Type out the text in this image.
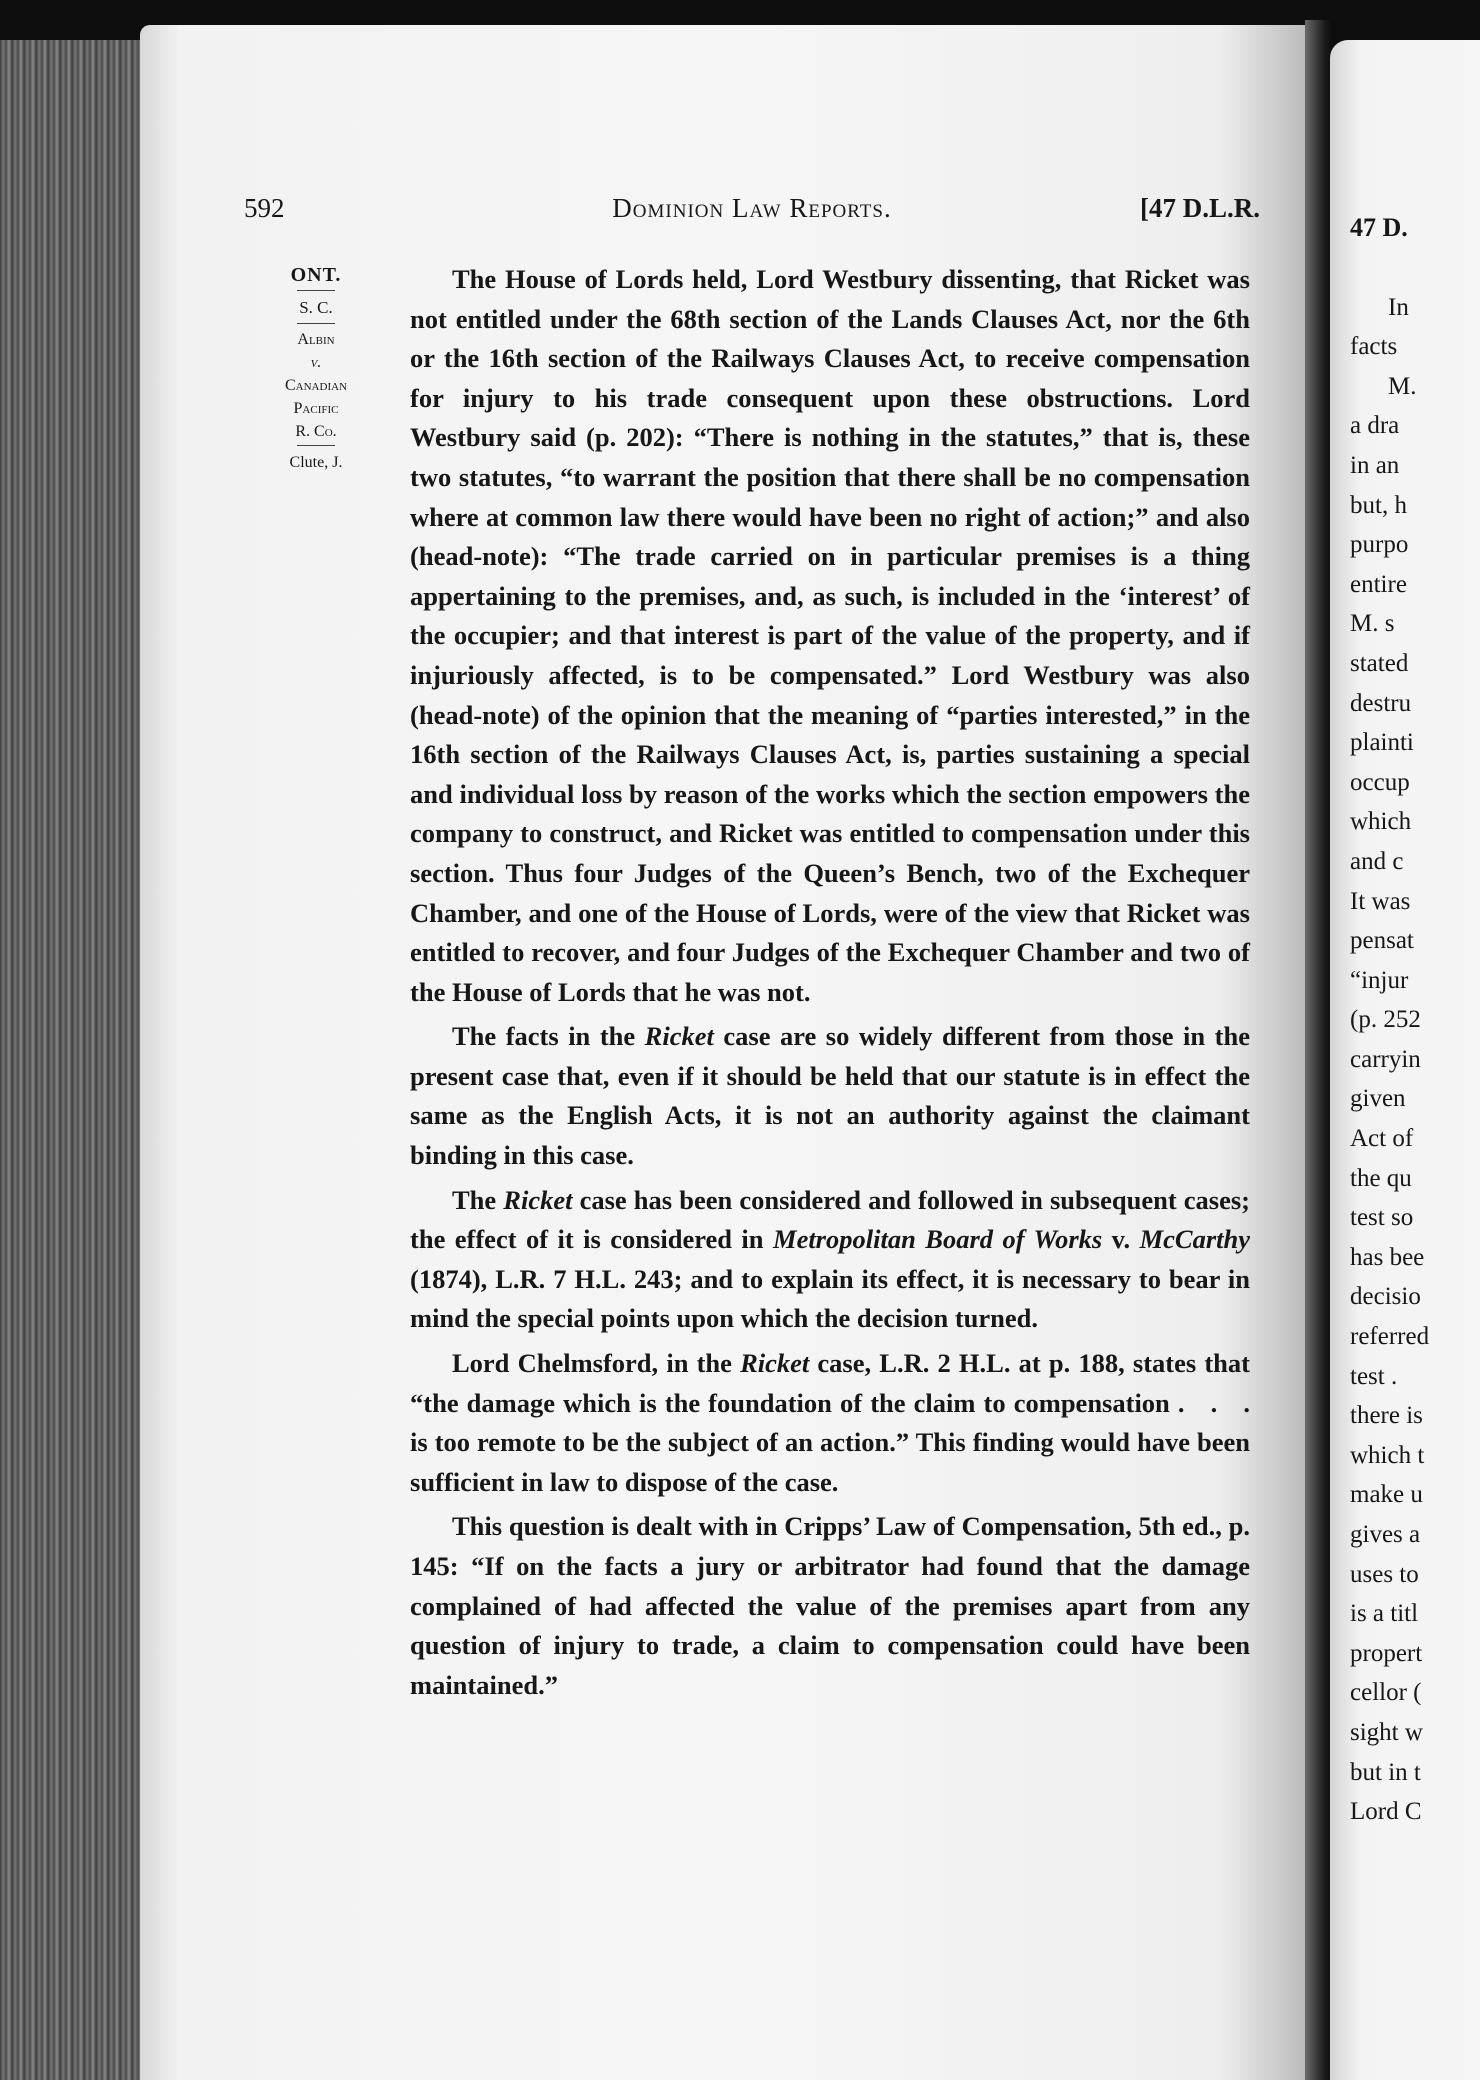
592	Dominion Law Reports.	[47 D.L.R.
ONT.
S. C.
Albin
v.
Canadian
Pacific
R. Co.
Clute, J.

The House of Lords held, Lord Westbury dissenting, that Ricket was not entitled under the 68th section of the Lands Clauses Act, nor the 6th or the 16th section of the Railways Clauses Act, to receive compensation for injury to his trade consequent upon these obstructions. Lord Westbury said (p. 202): “There is nothing in the statutes,” that is, these two statutes, “to warrant the position that there shall be no compensation where at common law there would have been no right of action;” and also (head-note): “The trade carried on in particular premises is a thing appertaining to the premises, and, as such, is included in the ‘interest’ of the occupier; and that interest is part of the value of the property, and if injuriously affected, is to be compensated.” Lord Westbury was also (head-note) of the opinion that the meaning of “parties interested,” in the 16th section of the Railways Clauses Act, is, parties sustaining a special and individual loss by reason of the works which the section empowers the company to construct, and Ricket was entitled to compensation under this section. Thus four Judges of the Queen’s Bench, two of the Exchequer Chamber, and one of the House of Lords, were of the view that Ricket was entitled to recover, and four Judges of the Exchequer Chamber and two of the House of Lords that he was not.

The facts in the Ricket case are so widely different from those in the present case that, even if it should be held that our statute is in effect the same as the English Acts, it is not an authority against the claimant binding in this case.

The Ricket case has been considered and followed in subsequent cases; the effect of it is considered in Metropolitan Board of Works v. McCarthy (1874), L.R. 7 H.L. 243; and to explain its effect, it is necessary to bear in mind the special points upon which the decision turned.

Lord Chelmsford, in the Ricket case, L.R. 2 H.L. at p. 188, states that “the damage which is the foundation of the claim to compensation . . . is too remote to be the subject of an action.” This finding would have been sufficient in law to dispose of the case.

This question is dealt with in Cripps’ Law of Compensation, 5th ed., p. 145: “If on the facts a jury or arbitrator had found that the damage complained of had affected the value of the premises apart from any question of injury to trade, a claim to compensation could have been maintained.”

47 D.
In
facts
M.
a dra
in an
but, h
purpo
entire
M. s
stated
destru
plainti
occup
which
and c
It was
pensat
“injur
(p. 252
carryin
given
Act of
the qu
test so
has bee
decisio
referred
test .
there is
which t
make u
gives a
uses to
is a titl
propert
cellor (
sight w
but in t
Lord C
